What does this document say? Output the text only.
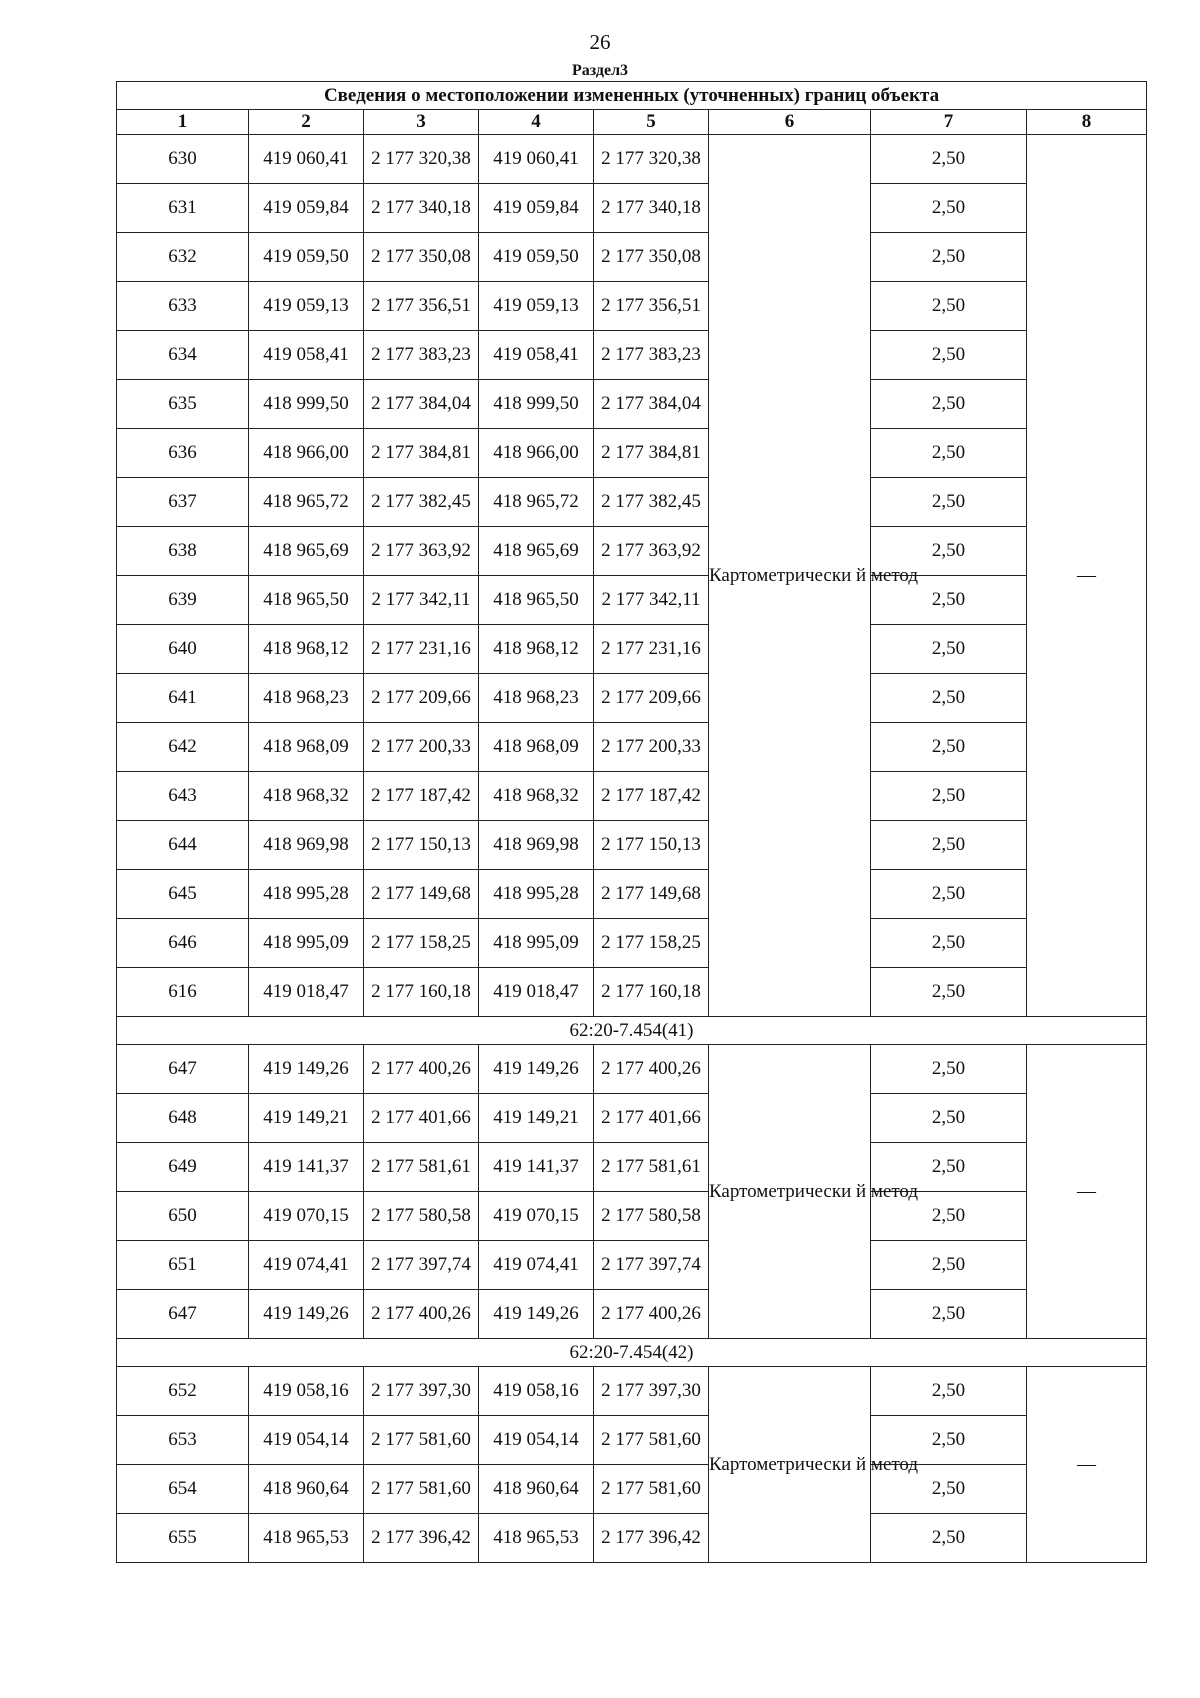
26
Раздел3
Сведения о местоположении измененных (уточненных) границ объекта							
1	2	3	4	5	6	7	8
630	419 060,41	2 177 320,38	419 060,41	2 177 320,38	Картометрически й метод	2,50	—
631	419 059,84	2 177 340,18	419 059,84	2 177 340,18		2,50	
632	419 059,50	2 177 350,08	419 059,50	2 177 350,08		2,50	
633	419 059,13	2 177 356,51	419 059,13	2 177 356,51		2,50	
634	419 058,41	2 177 383,23	419 058,41	2 177 383,23		2,50	
635	418 999,50	2 177 384,04	418 999,50	2 177 384,04		2,50	
636	418 966,00	2 177 384,81	418 966,00	2 177 384,81		2,50	
637	418 965,72	2 177 382,45	418 965,72	2 177 382,45		2,50	
638	418 965,69	2 177 363,92	418 965,69	2 177 363,92		2,50	
639	418 965,50	2 177 342,11	418 965,50	2 177 342,11		2,50	
640	418 968,12	2 177 231,16	418 968,12	2 177 231,16		2,50	
641	418 968,23	2 177 209,66	418 968,23	2 177 209,66		2,50	
642	418 968,09	2 177 200,33	418 968,09	2 177 200,33		2,50	
643	418 968,32	2 177 187,42	418 968,32	2 177 187,42		2,50	
644	418 969,98	2 177 150,13	418 969,98	2 177 150,13		2,50	
645	418 995,28	2 177 149,68	418 995,28	2 177 149,68		2,50	
646	418 995,09	2 177 158,25	418 995,09	2 177 158,25		2,50	
616	419 018,47	2 177 160,18	419 018,47	2 177 160,18		2,50	
62:20-7.454(41)							
647	419 149,26	2 177 400,26	419 149,26	2 177 400,26	Картометрически й метод	2,50	—
648	419 149,21	2 177 401,66	419 149,21	2 177 401,66		2,50	
649	419 141,37	2 177 581,61	419 141,37	2 177 581,61		2,50	
650	419 070,15	2 177 580,58	419 070,15	2 177 580,58		2,50	
651	419 074,41	2 177 397,74	419 074,41	2 177 397,74		2,50	
647	419 149,26	2 177 400,26	419 149,26	2 177 400,26		2,50	
62:20-7.454(42)							
652	419 058,16	2 177 397,30	419 058,16	2 177 397,30	Картометрически й метод	2,50	—
653	419 054,14	2 177 581,60	419 054,14	2 177 581,60		2,50	
654	418 960,64	2 177 581,60	418 960,64	2 177 581,60		2,50	
655	418 965,53	2 177 396,42	418 965,53	2 177 396,42		2,50	
